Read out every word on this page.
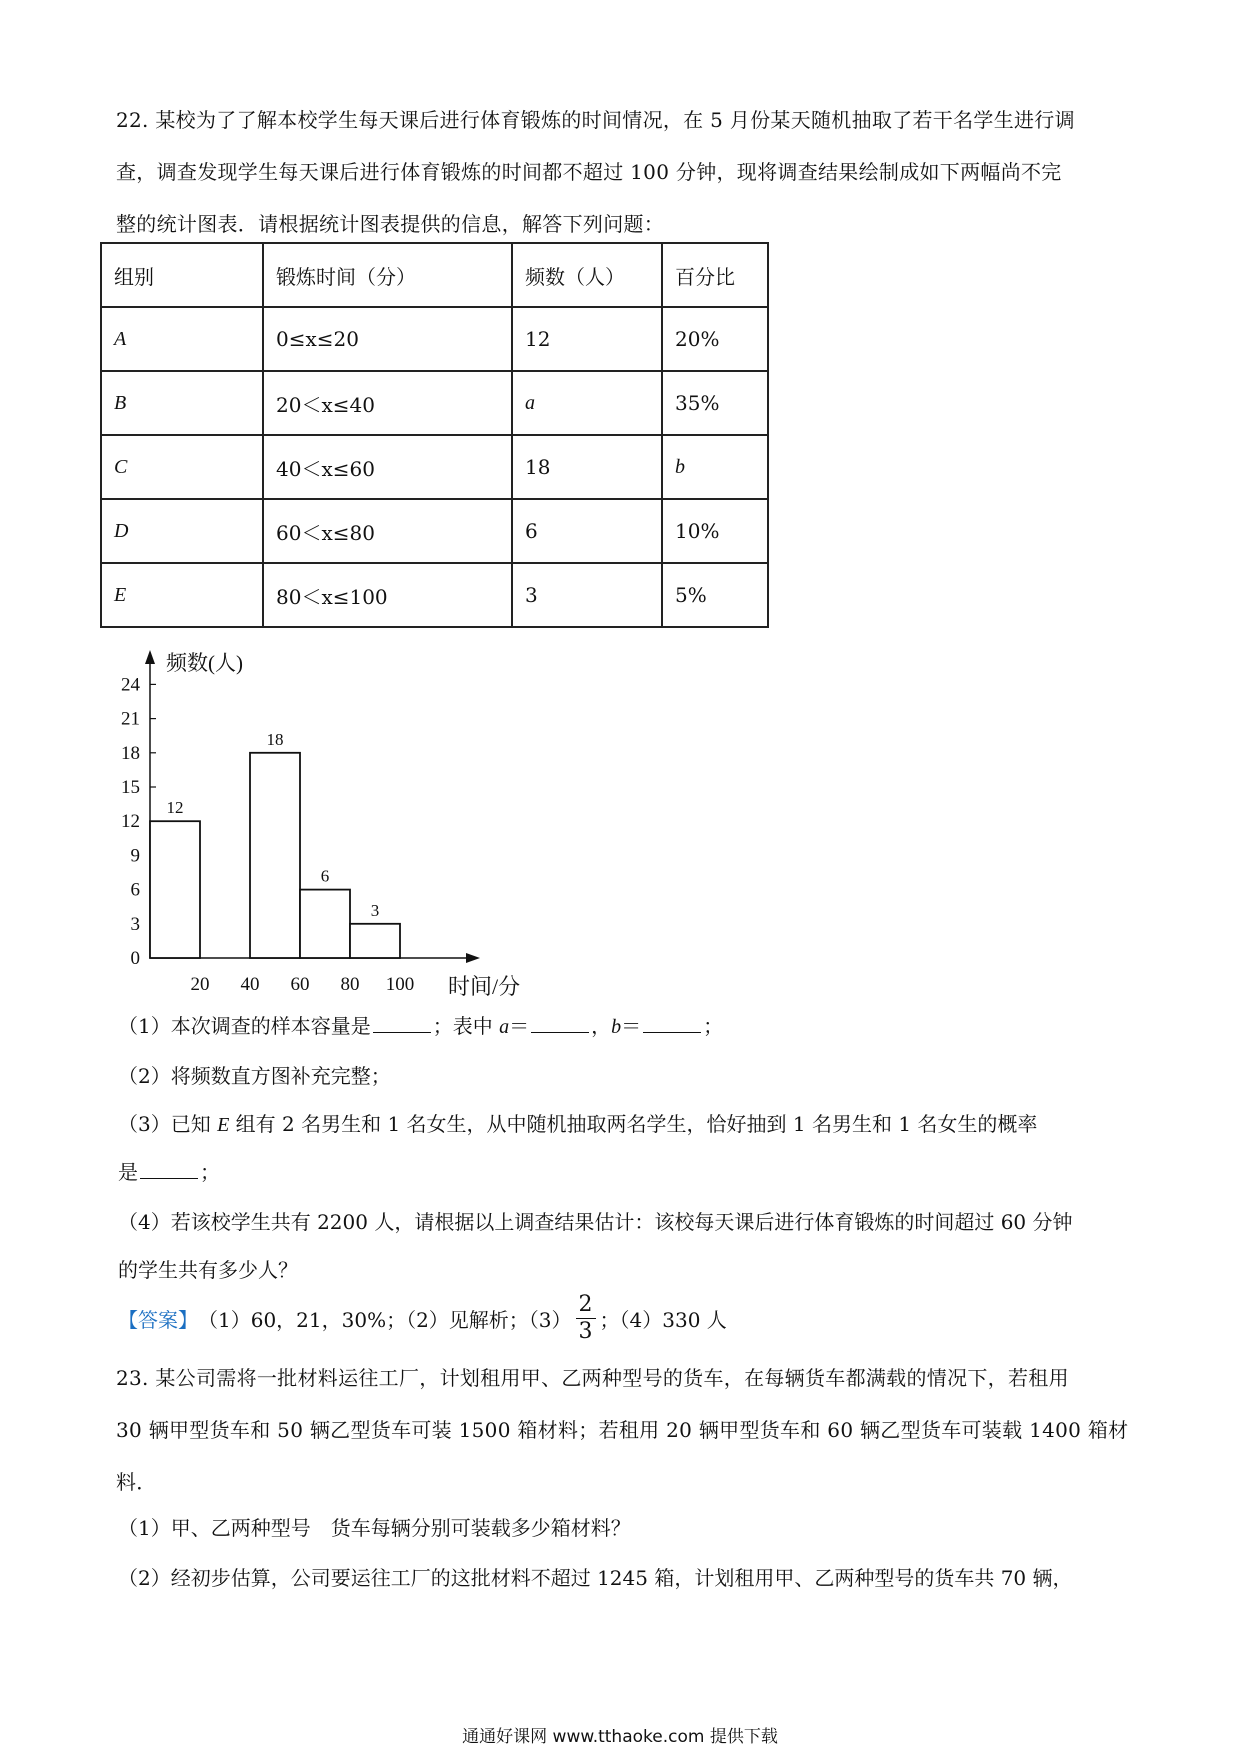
22. 某校为了了解本校学生每天课后进行体育锻炼的时间情况，在 5 月份某天随机抽取了若干名学生进行调
查，调查发现学生每天课后进行体育锻炼的时间都不超过 100 分钟，现将调查结果绘制成如下两幅尚不完
整的统计图表．请根据统计图表提供的信息，解答下列问题：
组别	锻炼时间（分）	频数（人）	百分比
A	0≤x≤20	12	20%
B	20＜x≤40	a	35%
C	40＜x≤60	18	b
D	60＜x≤80	6	10%
E	80＜x≤100	3	5%
0
3
6
9
12
15
18
21
24
20 40 60 80 100
12
18
6
3
频数(人)
时间/分
（1）本次调查的样本容量是	；表中 a＝	，b＝	；
（2）将频数直方图补充完整；
（3）已知 E 组有 2 名男生和 1 名女生，从中随机抽取两名学生，恰好抽到 1 名男生和 1 名女生的概率
是	；
（4）若该校学生共有 2200 人，请根据以上调查结果估计：该校每天课后进行体育锻炼的时间超过 60 分钟
的学生共有多少人？
【答案】 （1）60，21，30%；（2）见解析；$(3) \frac{2}{3}$ ；（4）330 人
23. 某公司需将一批材料运往工厂，计划租用甲、乙两种型号的货车，在每辆货车都满载的情况下，若租用
30 辆甲型货车和 50 辆乙型货车可装 1500 箱材料；若租用 20 辆甲型货车和 60 辆乙型货车可装载 1400 箱材
料．
（1）甲、乙两种型号　货车每辆分别可装载多少箱材料？
（2）经初步估算，公司要运往工厂的这批材料不超过 1245 箱，计划租用甲、乙两种型号的货车共 70 辆，
通通好课网 www.tthaoke.com 提供下载
